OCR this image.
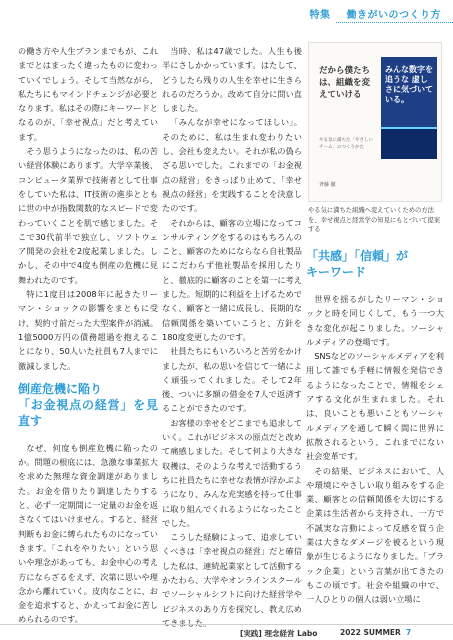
特集 働きがいのつくり方

の働き方や人生プランまでもが、これまでとはまったく違ったものに変わっていくでしょう。そして当然ながら、私たちにもマインドチェンジが必要となります。私はその際にキーワードとなるのが、「幸せ視点」だと考えています。

そう思うようになったのは、私の苦い経営体験にあります。大学卒業後、コンピュータ業界で技術者として仕事をしていた私は、IT技術の進歩とともに世の中が指数関数的なスピードで変わっていくことを肌で感じました。そこで30代前半で独立し、ソフトウェア開発の会社を2度起業しました。しかし、その中で4度も倒産の危機に見舞われたのです。

特に1度目は2008年に起きたリーマン・ショックの影響をまともに受け、契約寸前だった大型案件が消滅。1億5000万円の債務超過を抱えることになり、50人いた社員も7人までに激減しました。

倒産危機に陥り
「お金視点の経営」を見直す

なぜ、何度も倒産危機に陥ったのか。問題の根底には、急激な事業拡大を求めた無理な資金調達がありました。お金を借りたり調達したりすると、必ず一定期間に一定量のお金を返さなくてはいけません。すると、経営判断もお金に縛られたものになっていきます。「これをやりたい」という思いや理念があっても、お金中心の考え方にならざるをえず、次第に思いや理念から離れていく。皮肉なことに、お金を追求すると、かえってお金に苦しめられるのです。

当時、私は47歳でした。人生も後半にさしかかっています。はたして、どうしたら残りの人生を幸せに生きられるのだろうか。改めて自分に問い直しました。

「みんなが幸せになってほしい」。そのために、私は生まれ変わりたいし、会社も変えたい。それが私の偽らざる思いでした。これまでの「お金視点の経営」をきっぱり止めて、「幸せ視点の経営」を実践することを決意したのです。

それからは、顧客の立場になってコンサルティングをするのはもちろんのこと、顧客のためにならなら自社製品にこだわらず他社製品を採用したりと、徹底的に顧客のことを第一に考えました。短期的に利益を上げるためでなく、顧客と一緒に成長し、長期的な信頼関係を築いていこうと、方針を180度変更したのです。

社員たちにもいろいろと苦労をかけましたが、私の思いを信じて一緒によく頑張ってくれました。そして2年後、ついに多額の借金を7人で返済することができたのです。

お客様の幸せをどこまでも追求していく。これがビジネスの原点だと改めて痛感しました。そして何より大きな収穫は、そのような考えで活動するうちに社員たちに幸せな表情が浮かぶようになり、みんな充実感を持って仕事に取り組んでくれるようになったことでした。

こうした経験によって、追求していくべきは「幸せ視点の経営」だと確信した私は、連続起業家として活動するかたわら、大学やオンラインスクールでソーシャルシフトに向けた経営学やビジネスのあり方を探究し、教え広めてきました。

だから僕たちは、組織を変えていける
やる気に満ちた「やさしいチーム」のつくりかた
斉藤 徹
みんな数字を追うな 虚しさに気づいている。
やる気に満ちた組織へ変えていくための方法を、幸せ視点と経営学の知見にもとづいて提案する
「共感」「信頼」が
キーワード

世界を揺るがしたリーマン・ショックと時を同じくして、もう一つ大きな変化が起こりました。ソーシャルメディアの登場です。

SNSなどのソーシャルメディアを利用して誰でも手軽に情報を発信できるようになったことで、情報をシェアする文化が生まれました。それは、良いことも悪いこともソーシャルメディアを通して瞬く間に世界に拡散されるという、これまでにない社会変革です。

その結果、ビジネスにおいて、人や環境にやさしい取り組みをする企業、顧客との信頼関係を大切にする企業は生活者から支持され、一方で不誠実な言動によって反感を買う企業は大きなダメージを被るという現象が生じるようになりました。「ブラック企業」という言葉が出てきたのもこの頃です。社会や組織の中で、一人ひとりの個人は弱い立場に

[実践] 理念経営 Labo	2022 SUMMER 7
